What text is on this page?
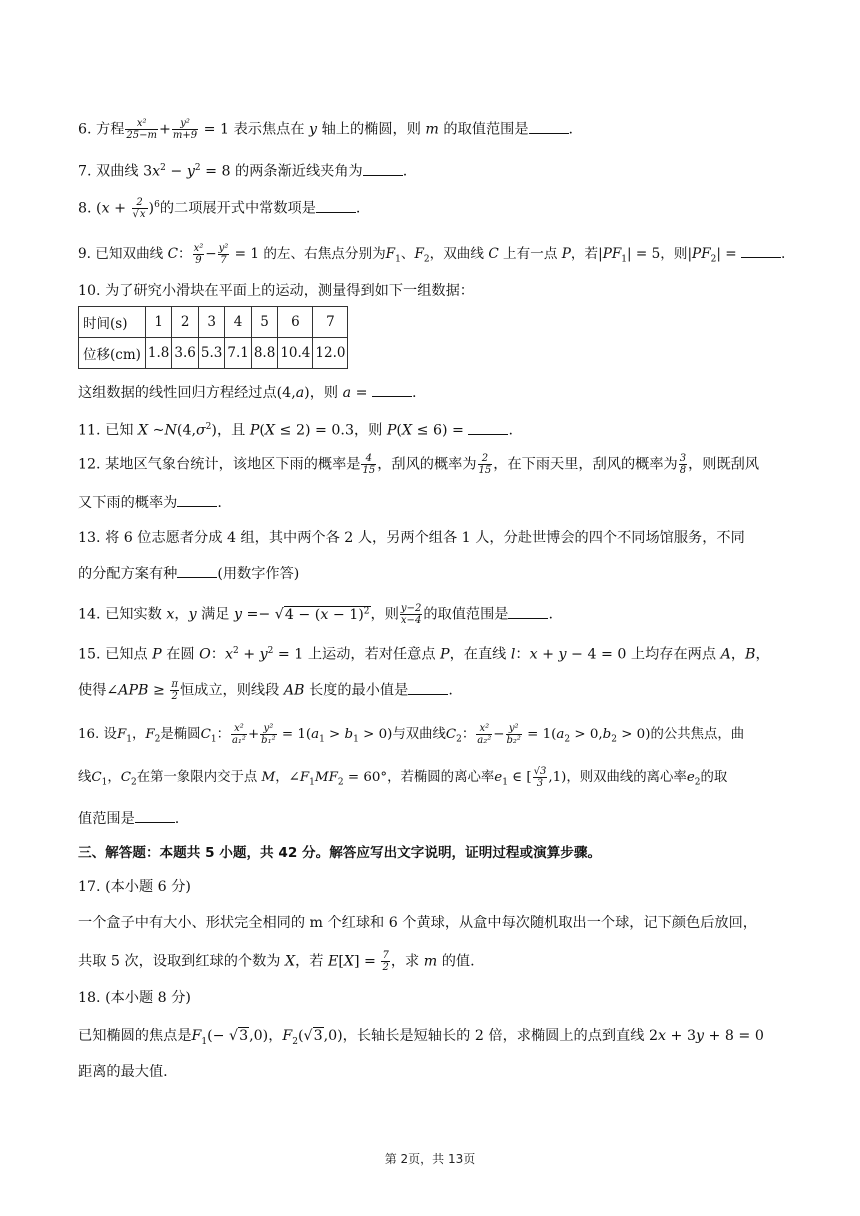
6. 方程 $\frac{\text{x²}}{25-m} + \frac{\text{y²}}{m+9} = 1$ 表示焦点在 y 轴上的椭圆，则 m 的取值范围是	.
7. 双曲线 $3x^2 - y^2 = 8$ 的两条渐近线夹角为	.
8. $(x + \frac{2}{√x} )^6$的二项展开式中常数项是	.
9. 已知双曲线 C： $\frac{\text{x²}}{9} - \frac{\text{y²}}{7} = 1$ 的左、右焦点分别为$F_1$、$F_2$，双曲线 C 上有一点 P，若$|PF_1| = 5$，则$|PF_2|$ =	.
10. 为了研究小滑块在平面上的运动，测量得到如下一组数据：
时间(s)	1	2	3	4	5	6	7
位移(cm)	1.8	3.6	5.3	7.1	8.8	10.4	12.0
这组数据的线性回归方程经过点(4,a)，则 a =	.
11. 已知 X $\sim N(4,\sigma^2)$，且 P(X ≤ 2) = 0.3，则 P(X ≤ 6) =	.
12. 某地区气象台统计，该地区下雨的概率是 $\frac{4}{15}$ ，刮风的概率为 $\frac{2}{15}$ ，在下雨天里，刮风的概率为 $\frac{3}{8}$ ，则既刮风
又下雨的概率为	.
13. 将 6 位志愿者分成 4 组，其中两个各 2 人，另两个组各 1 人，分赴世博会的四个不同场馆服务，不同
的分配方案有种	(用数字作答)
14. 已知实数 x，y 满足 $y =- √4 - (x - 1)^2$，则 $\frac{y-2}{x-4}$ 的取值范围是	.
15. 已知点 P 在圆 O：$x^2 + y^2 = 1$ 上运动，若对任意点 P，在直线 l：x + y − 4 = 0 上均存在两点 A，B，
使得∠APB ≥ $\frac{\pi}{2}$ 恒成立，则线段 AB 长度的最小值是	.
16. 设$F_1$，$F_2$是椭圆$C_1$： $\frac{\text{x²}}{\text{a₁²}} + \frac{\text{y²}}{\text{b₁²}} = 1(a_1 > b_1 > 0)$与双曲线$C_2$： $\frac{\text{x²}}{\text{a₂²}} - \frac{\text{y²}}{\text{b₂²}} = 1(a_2 > 0,b_2 > 0)$的公共焦点，曲
线$C_1$，$C_2$在第一象限内交于点 M，$\angle F_1MF_2 = 60^\circ$，若椭圆的离心率$e_1$ ∈ [ $\frac{√3}{3} ,1$)，则双曲线的离心率$e_2$的取
值范围是	.
三、解答题：本题共 5 小题，共 42 分。解答应写出文字说明，证明过程或演算步骤。
17. (本小题 6 分)
一个盒子中有大小、形状完全相同的 m 个红球和 6 个黄球，从盒中每次随机取出一个球，记下颜色后放回，
共取 5 次，设取到红球的个数为 X，若 $E[X] = \frac{7}{2}$ ，求 m 的值.
18. (本小题 8 分)
已知椭圆的焦点是$F_1(- √3,0)$，$F_2(√3,0)$，长轴长是短轴长的 2 倍，求椭圆上的点到直线 2x + 3y + 8 = 0
距离的最大值.
第 2页，共 13页
